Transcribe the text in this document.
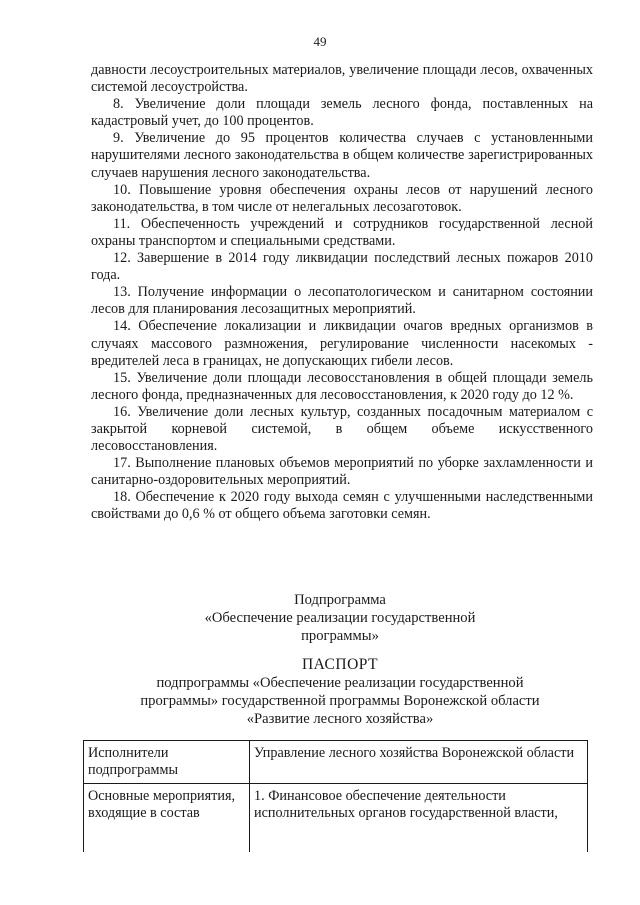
49

давности лесоустроительных материалов, увеличение площади лесов, охваченных системой лесоустройства.

8. Увеличение доли площади земель лесного фонда, поставленных на кадастровый учет, до 100 процентов.

9. Увеличение до 95 процентов количества случаев с установленными нарушителями лесного законодательства в общем количестве зарегистрированных случаев нарушения лесного законодательства.

10. Повышение уровня обеспечения охраны лесов от нарушений лесного законодательства, в том числе от нелегальных лесозаготовок.

11. Обеспеченность учреждений и сотрудников государственной лесной охраны транспортом и специальными средствами.

12. Завершение в 2014 году ликвидации последствий лесных пожаров 2010 года.

13. Получение информации о лесопатологическом и санитарном состоянии лесов для планирования лесозащитных мероприятий.

14. Обеспечение локализации и ликвидации очагов вредных организмов в случаях массового размножения, регулирование численности насекомых - вредителей леса в границах, не допускающих гибели лесов.

15. Увеличение доли площади лесовосстановления в общей площади земель лесного фонда, предназначенных для лесовосстановления, к 2020 году до 12 %.

16. Увеличение доли лесных культур, созданных посадочным материалом с закрытой корневой системой, в общем объеме искусственного лесовосстановления.

17. Выполнение плановых объемов мероприятий по уборке захламленности и санитарно-оздоровительных мероприятий.

18. Обеспечение к 2020 году выхода семян с улучшенными наследственными свойствами до 0,6 % от общего объема заготовки семян.

Подпрограмма
«Обеспечение реализации государственной
программы»
ПАСПОРТ
подпрограммы «Обеспечение реализации государственной
программы» государственной программы Воронежской области
«Развитие лесного хозяйства»
Исполнители подпрограммы	Управление лесного хозяйства Воронежской области
Основные мероприятия, входящие в состав	1. Финансовое обеспечение деятельности исполнительных органов государственной власти,
